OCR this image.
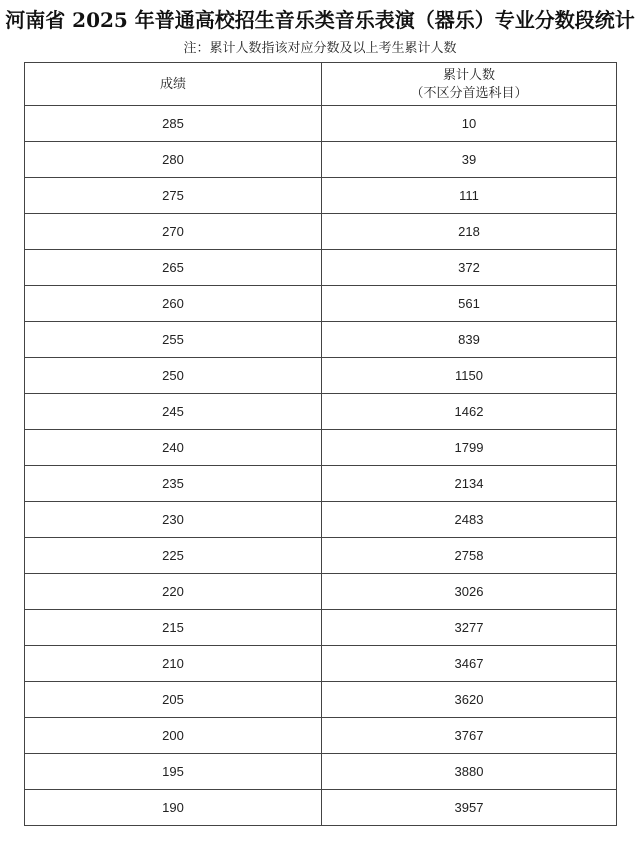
河南省 2025 年普通高校招生音乐类音乐表演（器乐）专业分数段统计
注：累计人数指该对应分数及以上考生累计人数
成绩	累计人数
（不区分首选科目）

285	10
280	39
275	111
270	218
265	372
260	561
255	839
250	1150
245	1462
240	1799
235	2134
230	2483
225	2758
220	3026
215	3277
210	3467
205	3620
200	3767
195	3880
190	3957
